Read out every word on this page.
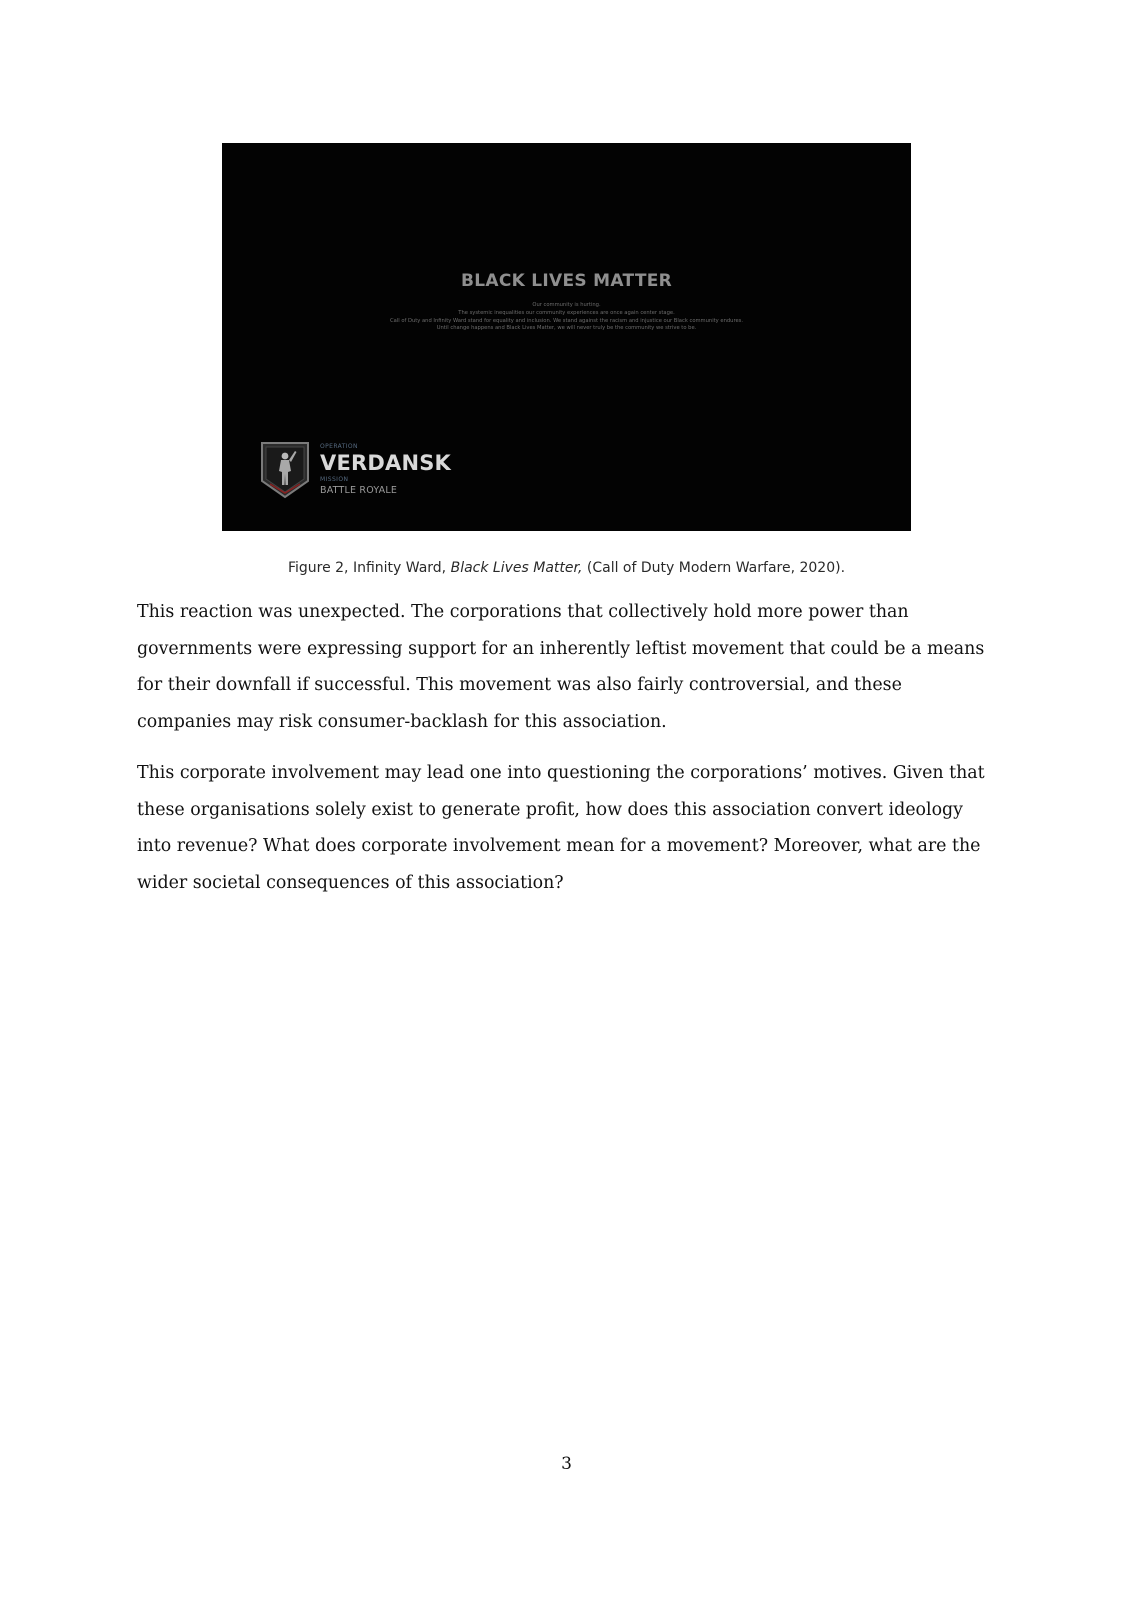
BLACK LIVES MATTER
Our community is hurting.
The systemic inequalities our community experiences are once again center stage.
Call of Duty and Infinity Ward stand for equality and inclusion. We stand against the racism and injustice our Black community endures.
Until change happens and Black Lives Matter, we will never truly be the community we strive to be.
OPERATION
VERDANSK
MISSION
BATTLE ROYALE
Figure 2, Infinity Ward, Black Lives Matter, (Call of Duty Modern Warfare, 2020).
This reaction was unexpected. The corporations that collectively hold more power than
governments were expressing support for an inherently leftist movement that could be a means
for their downfall if successful. This movement was also fairly controversial, and these
companies may risk consumer-backlash for this association.
This corporate involvement may lead one into questioning the corporations’ motives. Given that
these organisations solely exist to generate profit, how does this association convert ideology
into revenue? What does corporate involvement mean for a movement? Moreover, what are the
wider societal consequences of this association?
3
